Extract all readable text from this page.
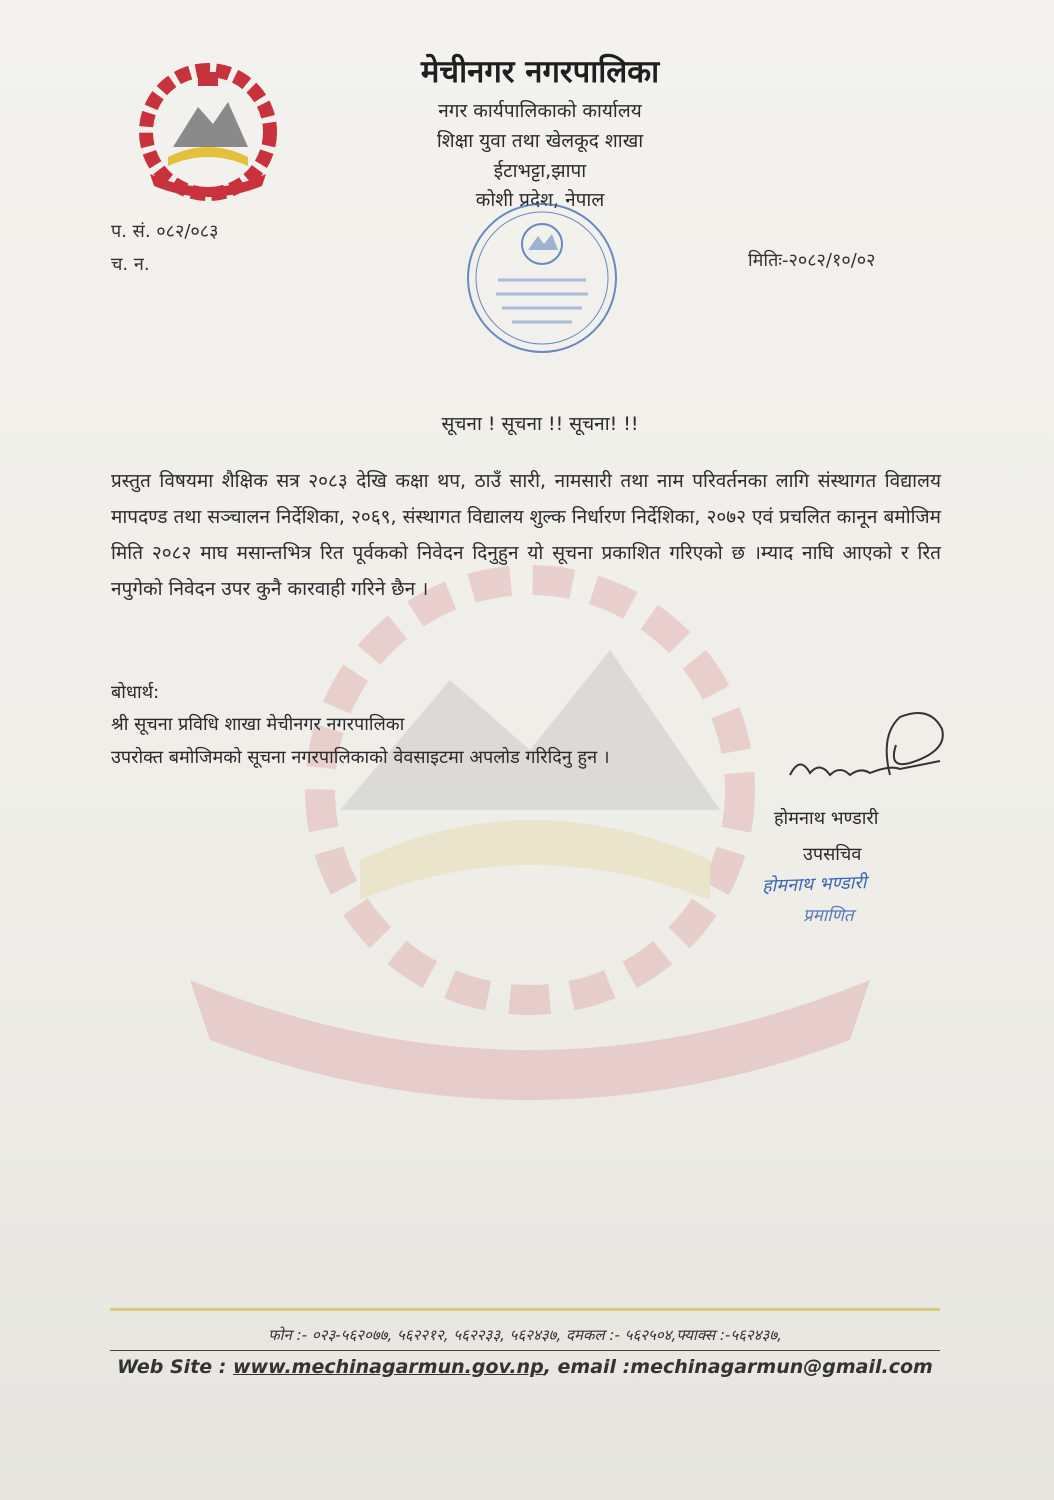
मेचीनगर नगरपालिका
नगर कार्यपालिकाको कार्यालय
शिक्षा युवा तथा खेलकूद शाखा
ईटाभट्टा,झापा
कोशी प्रदेश, नेपाल
प. सं. ०८२/०८३
च. न.	मितिः-२०८२/१०/०२
सूचना ! सूचना !! सूचना! !!
प्रस्तुत विषयमा शैक्षिक सत्र २०८३ देखि कक्षा थप, ठाउँ सारी, नामसारी तथा नाम परिवर्तनका लागि संस्थागत विद्यालय मापदण्ड तथा सञ्चालन निर्देशिका, २०६९, संस्थागत विद्यालय शुल्क निर्धारण निर्देशिका, २०७२ एवं प्रचलित कानून बमोजिम मिति २०८२ माघ मसान्तभित्र रित पूर्वकको निवेदन दिनुहुन यो सूचना प्रकाशित गरिएको छ ।म्याद नाघि आएको र रित नपुगेको निवेदन उपर कुनै कारवाही गरिने छैन ।
बोधार्थ:
श्री सूचना प्रविधि शाखा मेचीनगर नगरपालिका
उपरोक्त बमोजिमको सूचना नगरपालिकाको वेवसाइटमा अपलोड गरिदिनु हुन ।
होमनाथ भण्डारी
उपसचिव
होमनाथ भण्डारी
प्रमाणित
फोन :- ०२३-५६२०७७, ५६२२१२, ५६२२३३, ५६२४३७, दमकल :- ५६२५०४,फ्याक्स :-५६२४३७,
Web Site : www.mechinagarmun.gov.np, email :mechinagarmun@gmail.com
